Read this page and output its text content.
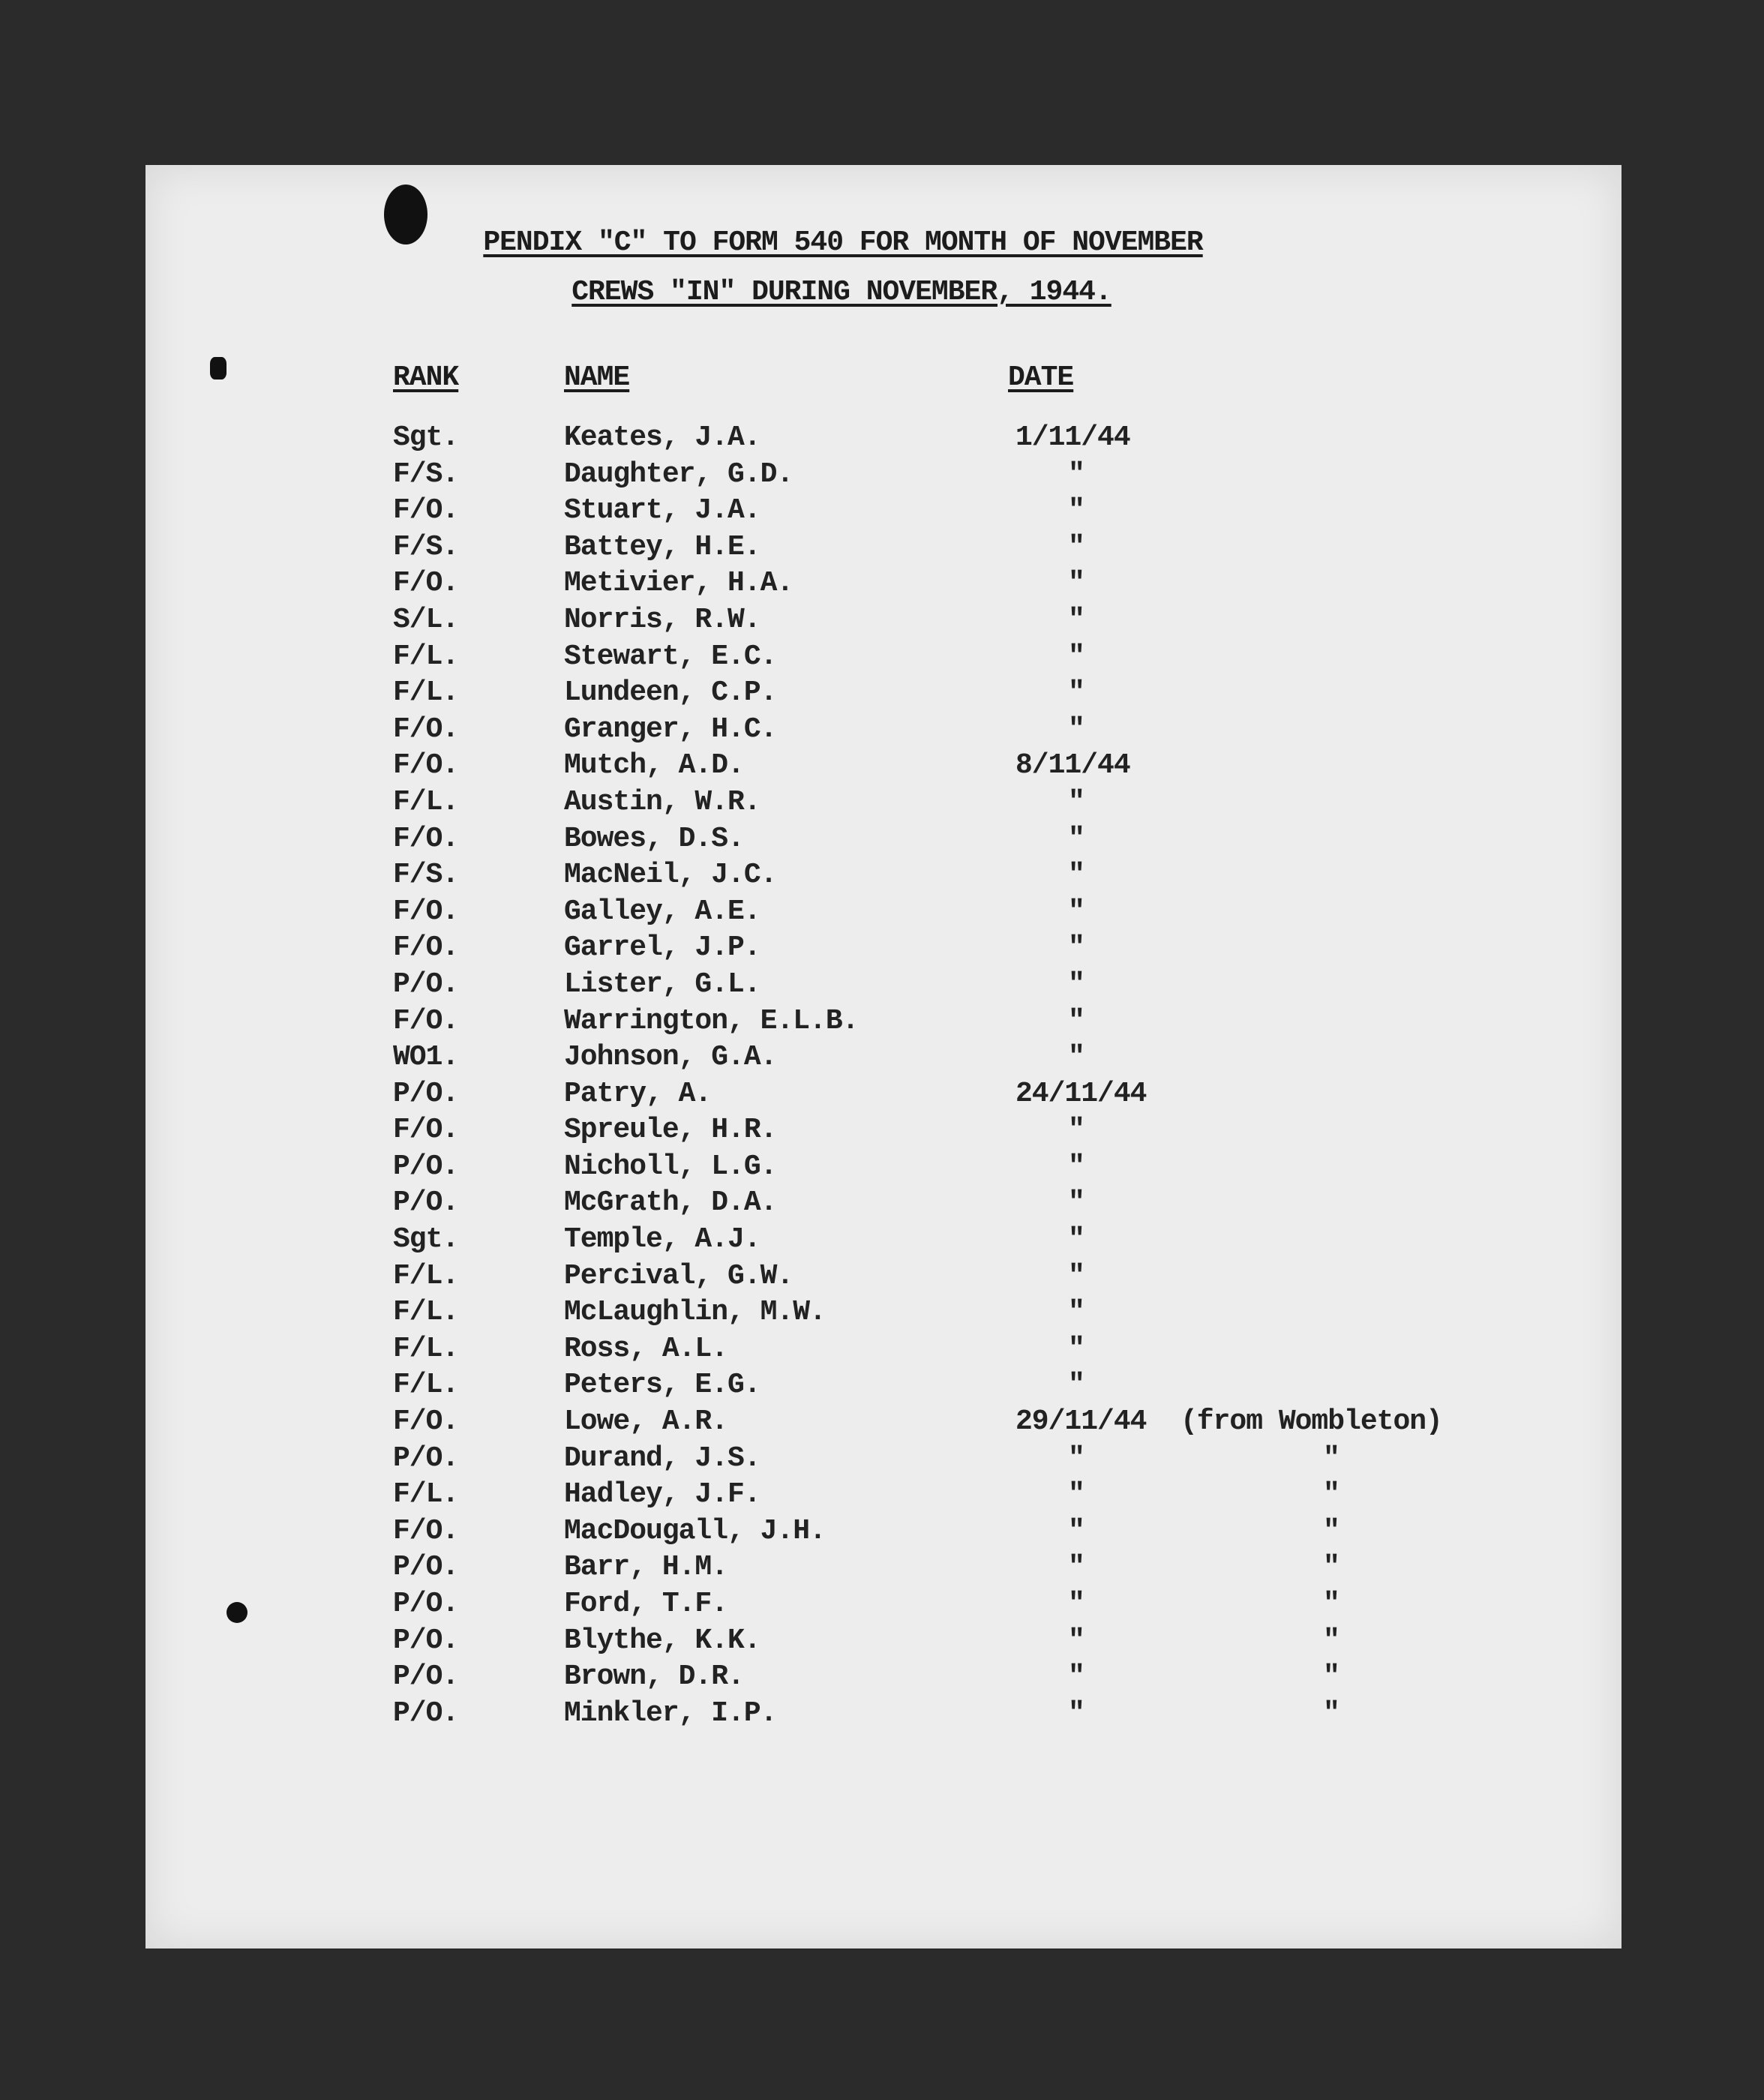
PENDIX "C" TO FORM 540 FOR MONTH OF NOVEMBER
CREWS "IN" DURING NOVEMBER, 1944.
RANK	NAME	DATE
Sgt.	Keates, J.A.	1/11/44
F/S.	Daughter, G.D.	"
F/O.	Stuart, J.A.	"
F/S.	Battey, H.E.	"
F/O.	Metivier, H.A.	"
S/L.	Norris, R.W.	"
F/L.	Stewart, E.C.	"
F/L.	Lundeen, C.P.	"
F/O.	Granger, H.C.	"
F/O.	Mutch, A.D.	8/11/44
F/L.	Austin, W.R.	"
F/O.	Bowes, D.S.	"
F/S.	MacNeil, J.C.	"
F/O.	Galley, A.E.	"
F/O.	Garrel, J.P.	"
P/O.	Lister, G.L.	"
F/O.	Warrington, E.L.B.	"
WO1.	Johnson, G.A.	"
P/O.	Patry, A.	24/11/44
F/O.	Spreule, H.R.	"
P/O.	Nicholl, L.G.	"
P/O.	McGrath, D.A.	"
Sgt.	Temple, A.J.	"
F/L.	Percival, G.W.	"
F/L.	McLaughlin, M.W.	"
F/L.	Ross, A.L.	"
F/L.	Peters, E.G.	"
F/O.	Lowe, A.R.	29/11/44 (from Wombleton)
P/O.	Durand, J.S.	"	"
F/L.	Hadley, J.F.	"	"
F/O.	MacDougall, J.H.	"	"
P/O.	Barr, H.M.	"	"
P/O.	Ford, T.F.	"	"
P/O.	Blythe, K.K.	"	"
P/O.	Brown, D.R.	"	"
P/O.	Minkler, I.P.	"	"
